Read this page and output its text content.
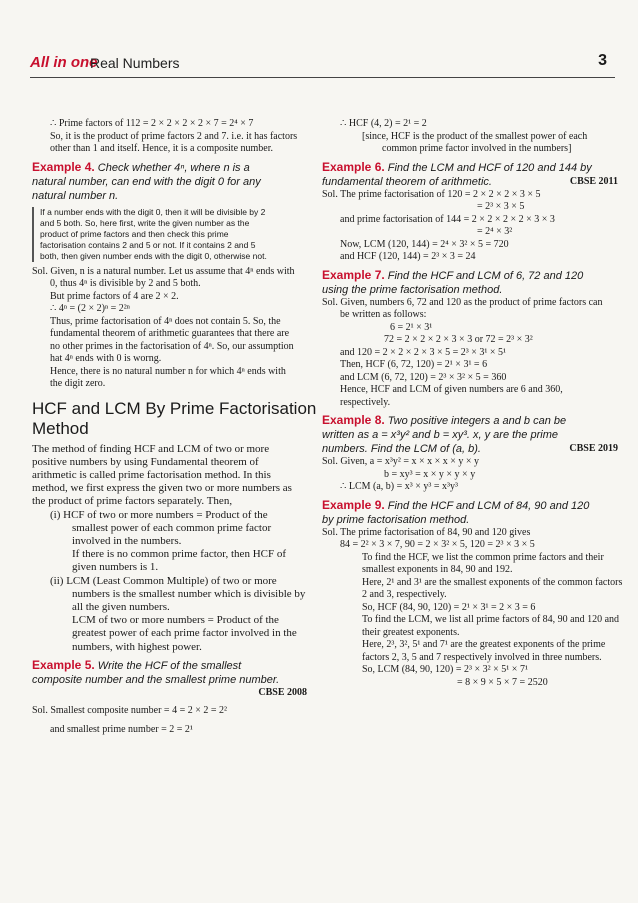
All in one
Real Numbers	3

∴ Prime factors of 112 = 2 × 2 × 2 × 2 × 7 = 2⁴ × 7

So, it is the product of prime factors 2 and 7. i.e. it has factors

other than 1 and itself. Hence, it is a composite number.

Example 4. Check whether 4ⁿ, where n is a

natural number, can end with the digit 0 for any

natural number n.

If a number ends with the digit 0, then it will be divisible by 2

and 5 both. So, here first, write the given number as the

product of prime factors and then check this prime

factorisation contains 2 and 5 or not. If it contains 2 and 5

both, then given number ends with the digit 0, otherwise not.

Sol. Given, n is a natural number. Let us assume that 4ⁿ ends with

0, thus 4ⁿ is divisible by 2 and 5 both.

But prime factors of 4 are 2 × 2.

∴ 4ⁿ = (2 × 2)ⁿ = 2²ⁿ

Thus, prime factorisation of 4ⁿ does not contain 5. So, the

fundamental theorem of arithmetic guarantees that there are

no other primes in the factorisation of 4ⁿ. So, our assumption

hat 4ⁿ ends with 0 is worng.

Hence, there is no natural number n for which 4ⁿ ends with

the digit zero.

HCF and LCM By Prime Factorisation
Method

The method of finding HCF and LCM of two or more

positive numbers by using Fundamental theorem of

arithmetic is called prime factorisation method. In this

method, we first express the given two or more numbers as

the product of prime factors separately. Then,

(i) HCF of two or more numbers = Product of the

smallest power of each common prime factor

involved in the numbers.

If there is no common prime factor, then HCF of

given numbers is 1.

(ii) LCM (Least Common Multiple) of two or more

numbers is the smallest number which is divisible by

all the given numbers.

LCM of two or more numbers = Product of the

greatest power of each prime factor involved in the

numbers, with highest power.

Example 5. Write the HCF of the smallest

composite number and the smallest prime number.

CBSE 2008

Sol. Smallest composite number = 4 = 2 × 2 = 2²

and smallest prime number = 2 = 2¹

∴ HCF (4, 2) = 2¹ = 2

[since, HCF is the product of the smallest power of each

common prime factor involved in the numbers]

Example 6. Find the LCM and HCF of 120 and 144 by

fundamental theorem of arithmetic.	CBSE 2011

Sol. The prime factorisation of 120 = 2 × 2 × 2 × 3 × 5

= 2³ × 3 × 5

and prime factorisation of 144 = 2 × 2 × 2 × 2 × 3 × 3

= 2⁴ × 3²

Now, LCM (120, 144) = 2⁴ × 3² × 5 = 720

and HCF (120, 144) = 2³ × 3 = 24

Example 7. Find the HCF and LCM of 6, 72 and 120

using the prime factorisation method.

Sol. Given, numbers 6, 72 and 120 as the product of prime factors can

be written as follows:

6 = 2¹ × 3¹

72 = 2 × 2 × 2 × 3 × 3 or 72 = 2³ × 3²

and 120 = 2 × 2 × 2 × 3 × 5 = 2³ × 3¹ × 5¹

Then, HCF (6, 72, 120) = 2¹ × 3¹ = 6

and LCM (6, 72, 120) = 2³ × 3² × 5 = 360

Hence, HCF and LCM of given numbers are 6 and 360,

respectively.

Example 8. Two positive integers a and b can be

written as a = x³y² and b = xy³. x, y are the prime

numbers. Find the LCM of (a, b).	CBSE 2019

Sol. Given, a = x³y² = x × x × x × y × y

b = xy³ = x × y × y × y

∴ LCM (a, b) = x³ × y³ = x³y³

Example 9. Find the HCF and LCM of 84, 90 and 120

by prime factorisation method.

Sol. The prime factorisation of 84, 90 and 120 gives

84 = 2² × 3 × 7, 90 = 2 × 3² × 5, 120 = 2³ × 3 × 5

To find the HCF, we list the common prime factors and their

smallest exponents in 84, 90 and 192.

Here, 2¹ and 3¹ are the smallest exponents of the common factors

2 and 3, respectively.

So, HCF (84, 90, 120) = 2¹ × 3¹ = 2 × 3 = 6

To find the LCM, we list all prime factors of 84, 90 and 120 and

their greatest exponents.

Here, 2³, 3², 5¹ and 7¹ are the greatest exponents of the prime

factors 2, 3, 5 and 7 respectively involved in three numbers.

So, LCM (84, 90, 120) = 2³ × 3² × 5¹ × 7¹

= 8 × 9 × 5 × 7 = 2520
